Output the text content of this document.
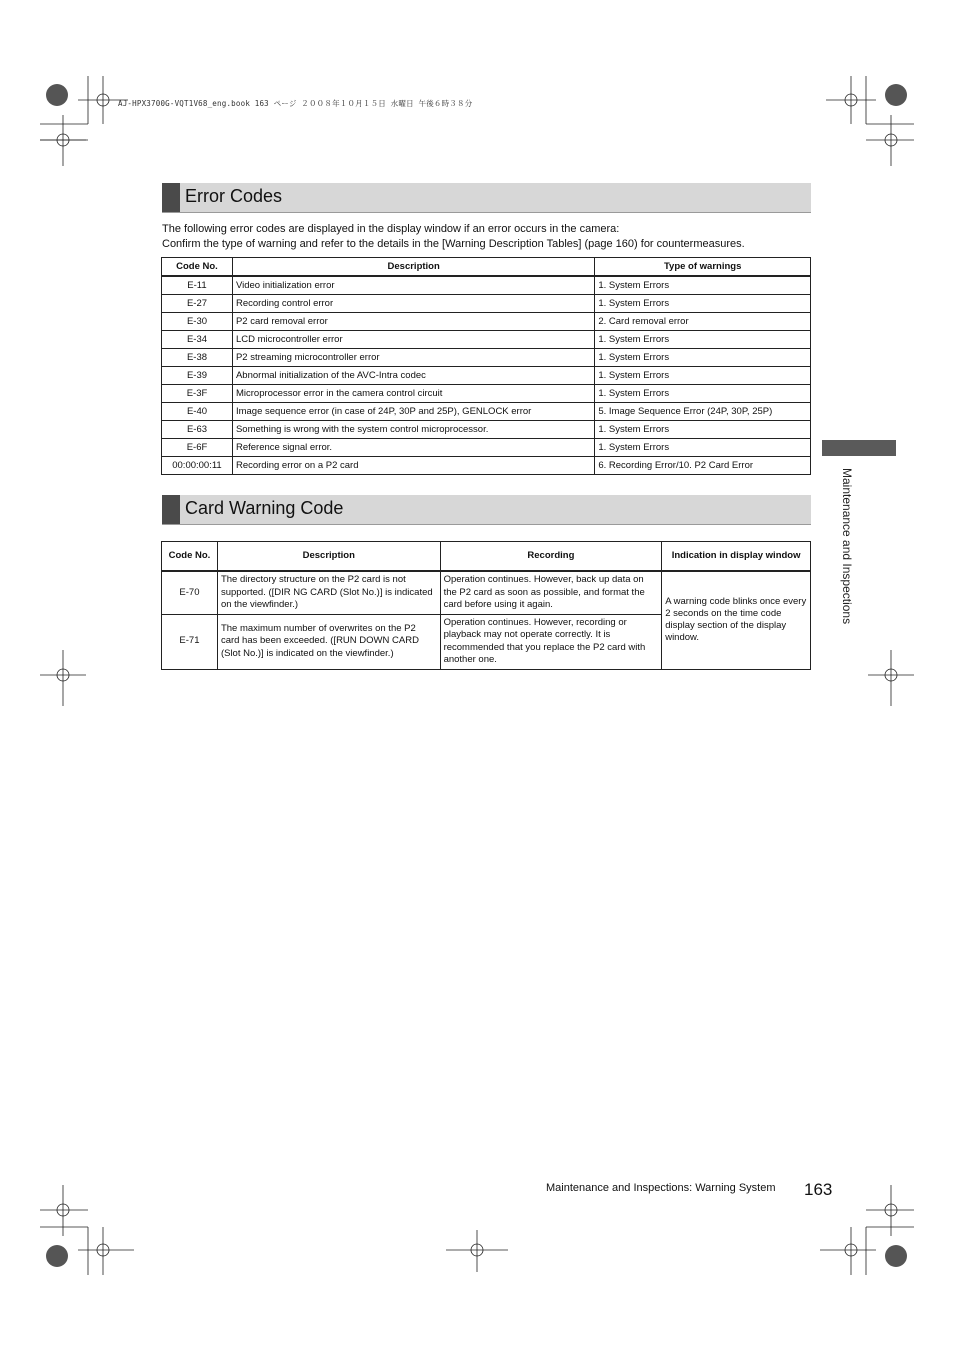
AJ-HPX3700G-VQT1V68_eng.book 163 ページ ２００８年１０月１５日 水曜日 午後６時３８分
Error Codes

The following error codes are displayed in the display window if an error occurs in the camera:

Confirm the type of warning and refer to the details in the [Warning Description Tables] (page 160) for countermeasures.

Code No.	Description	Type of warnings
E-11	Video initialization error	1. System Errors
E-27	Recording control error	1. System Errors
E-30	P2 card removal error	2. Card removal error
E-34	LCD microcontroller error	1. System Errors
E-38	P2 streaming microcontroller error	1. System Errors
E-39	Abnormal initialization of the AVC-Intra codec	1. System Errors
E-3F	Microprocessor error in the camera control circuit	1. System Errors
E-40	Image sequence error (in case of 24P, 30P and 25P), GENLOCK error	5. Image Sequence Error (24P, 30P, 25P)
E-63	Something is wrong with the system control microprocessor.	1. System Errors
E-6F	Reference signal error.	1. System Errors
00:00:00:11	Recording error on a P2 card	6. Recording Error/10. P2 Card Error
Card Warning Code
Code No.	Description	Recording	Indication in display window
E-70	The directory structure on the P2 card is not supported. ([DIR NG CARD (Slot No.)] is indicated on the viewfinder.)	Operation continues. However, back up data on the P2 card as soon as possible, and format the card before using it again.	A warning code blinks once every 2 seconds on the time code display section of the display window.
E-71	The maximum number of overwrites on the P2 card has been exceeded. ([RUN DOWN CARD (Slot No.)] is indicated on the viewfinder.)	Operation continues. However, recording or playback may not operate correctly. It is recommended that you replace the P2 card with another one.	
Maintenance and Inspections
Maintenance and Inspections: Warning System 163
